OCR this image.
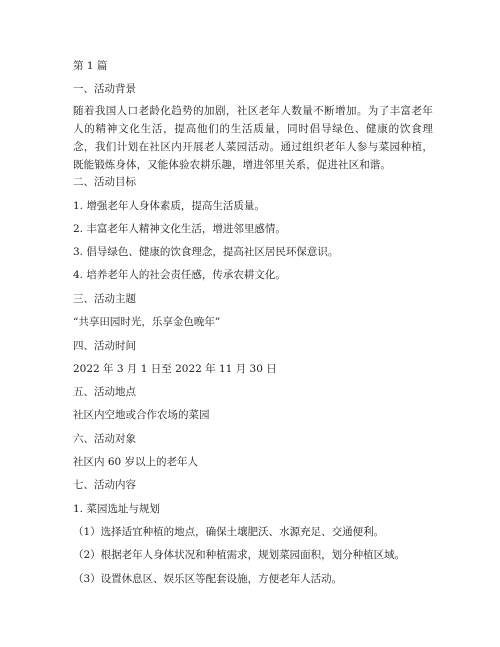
第 1 篇
一、活动背景
随着我国人口老龄化趋势的加剧，社区老年人数量不断增加。为了丰富老年人的精神文化生活，提高他们的生活质量，同时倡导绿色、健康的饮食理念，我们计划在社区内开展老人菜园活动。通过组织老年人参与菜园种植，既能锻炼身体，又能体验农耕乐趣，增进邻里关系，促进社区和谐。
二、活动目标
1. 增强老年人身体素质，提高生活质量。
2. 丰富老年人精神文化生活，增进邻里感情。
3. 倡导绿色、健康的饮食理念，提高社区居民环保意识。
4. 培养老年人的社会责任感，传承农耕文化。
三、活动主题
“共享田园时光，乐享金色晚年”
四、活动时间
2022 年 3 月 1 日至 2022 年 11 月 30 日
五、活动地点
社区内空地或合作农场的菜园
六、活动对象
社区内 60 岁以上的老年人
七、活动内容
1. 菜园选址与规划
（1）选择适宜种植的地点，确保土壤肥沃、水源充足、交通便利。
（2）根据老年人身体状况和种植需求，规划菜园面积，划分种植区域。
（3）设置休息区、娱乐区等配套设施，方便老年人活动。
